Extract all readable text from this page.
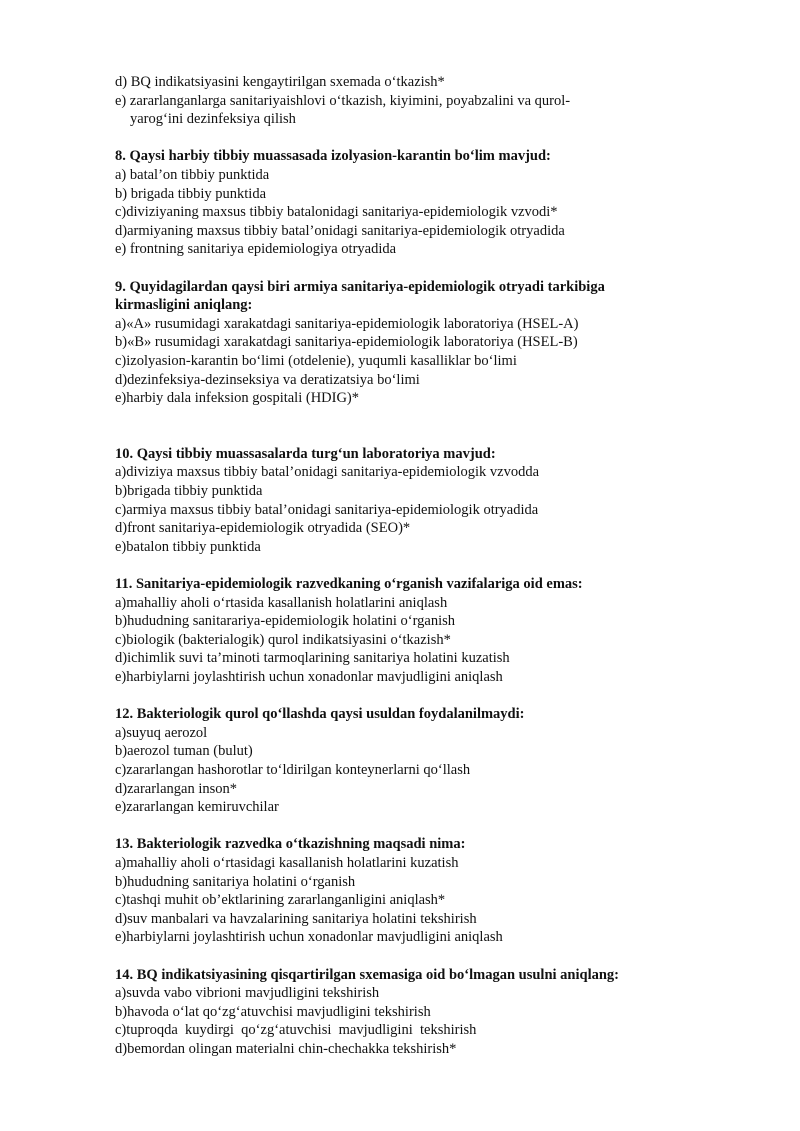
d) BQ indikatsiyasini kengaytirilgan sxemada o‘tkazish*
e) zararlanganlarga sanitariyaishlovi o‘tkazish, kiyimini, poyabzalini va qurol-
yarog‘ini dezinfeksiya qilish
8. Qaysi harbiy tibbiy muassasada izolyasion-karantin bo‘lim mavjud:
a) batal’on tibbiy punktida
b) brigada tibbiy punktida
c)diviziyaning maxsus tibbiy batalonidagi sanitariya-epidemiologik vzvodi*
d)armiyaning maxsus tibbiy batal’onidagi sanitariya-epidemiologik otryadida
e) frontning sanitariya epidemiologiya otryadida
9. Quyidagilardan qaysi biri armiya sanitariya-epidemiologik otryadi tarkibiga
kirmasligini aniqlang:
a)«A» rusumidagi xarakatdagi sanitariya-epidemiologik laboratoriya (HSEL-A)
b)«B» rusumidagi xarakatdagi sanitariya-epidemiologik laboratoriya (HSEL-B)
c)izolyasion-karantin bo‘limi (otdelenie), yuqumli kasalliklar bo‘limi
d)dezinfeksiya-dezinseksiya va deratizatsiya bo‘limi
e)harbiy dala infeksion gospitali (HDIG)*
10. Qaysi tibbiy muassasalarda turg‘un laboratoriya mavjud:
a)diviziya maxsus tibbiy batal’onidagi sanitariya-epidemiologik vzvodda
b)brigada tibbiy punktida
c)armiya maxsus tibbiy batal’onidagi sanitariya-epidemiologik otryadida
d)front sanitariya-epidemiologik otryadida (SEO)*
e)batalon tibbiy punktida
11. Sanitariya-epidemiologik razvedkaning o‘rganish vazifalariga oid emas:
a)mahalliy aholi o‘rtasida kasallanish holatlarini aniqlash
b)hududning sanitarariya-epidemiologik holatini o‘rganish
c)biologik (bakterialogik) qurol indikatsiyasini o‘tkazish*
d)ichimlik suvi ta’minoti tarmoqlarining sanitariya holatini kuzatish
e)harbiylarni joylashtirish uchun xonadonlar mavjudligini aniqlash
12. Bakteriologik qurol qo‘llashda qaysi usuldan foydalanilmaydi:
a)suyuq aerozol
b)aerozol tuman (bulut)
c)zararlangan hashorotlar to‘ldirilgan konteynerlarni qo‘llash
d)zararlangan inson*
e)zararlangan kemiruvchilar
13. Bakteriologik razvedka o‘tkazishning maqsadi nima:
a)mahalliy aholi o‘rtasidagi kasallanish holatlarini kuzatish
b)hududning sanitariya holatini o‘rganish
c)tashqi muhit ob’ektlarining zararlanganligini aniqlash*
d)suv manbalari va havzalarining sanitariya holatini tekshirish
e)harbiylarni joylashtirish uchun xonadonlar mavjudligini aniqlash
14. BQ indikatsiyasining qisqartirilgan sxemasiga oid bo‘lmagan usulni aniqlang:
a)suvda vabo vibrioni mavjudligini tekshirish
b)havoda o‘lat qo‘zg‘atuvchisi mavjudligini tekshirish
c)tuproqda  kuydirgi  qo‘zg‘atuvchisi  mavjudligini  tekshirish
d)bemordan olingan materialni chin-chechakka tekshirish*
